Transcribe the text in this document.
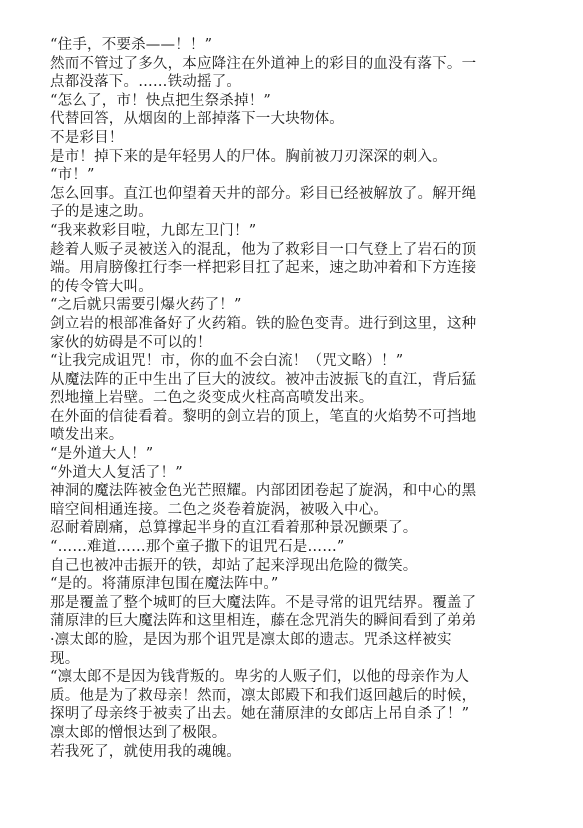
“住手，不要杀——！！”

然而不管过了多久，本应降注在外道神上的彩目的血没有落下。一

点都没落下。……铁动摇了。

“怎么了，市！快点把生祭杀掉！”

代替回答，从烟囱的上部掉落下一大块物体。

不是彩目！

是市！掉下来的是年轻男人的尸体。胸前被刀刃深深的刺入。

“市！”

怎么回事。直江也仰望着天井的部分。彩目已经被解放了。解开绳

子的是速之助。

“我来救彩目啦，九郎左卫门！”

趁着人贩子灵被送入的混乱，他为了救彩目一口气登上了岩石的顶

端。用肩膀像扛行李一样把彩目扛了起来，速之助冲着和下方连接

的传令管大叫。

“之后就只需要引爆火药了！”

剑立岩的根部准备好了火药箱。铁的脸色变青。进行到这里，这种

家伙的妨碍是不可以的！

“让我完成诅咒！市，你的血不会白流！（咒文略）！”

从魔法阵的正中生出了巨大的波纹。被冲击波振飞的直江，背后猛

烈地撞上岩壁。二色之炎变成火柱高高喷发出来。

在外面的信徒看着。黎明的剑立岩的顶上，笔直的火焰势不可挡地

喷发出来。

“是外道大人！”

“外道大人复活了！”

神洞的魔法阵被金色光芒照耀。内部团团卷起了旋涡，和中心的黑

暗空间相通连接。二色之炎卷着旋涡，被吸入中心。

忍耐着剧痛，总算撑起半身的直江看着那种景况颤栗了。

“……难道……那个童子撒下的诅咒石是……”

自己也被冲击振开的铁，却站了起来浮现出危险的微笑。

“是的。将蒲原津包围在魔法阵中。”

那是覆盖了整个城町的巨大魔法阵。不是寻常的诅咒结界。覆盖了

蒲原津的巨大魔法阵和这里相连，藤在念咒消失的瞬间看到了弟弟

·凛太郎的脸，是因为那个诅咒是凛太郎的遗志。咒杀这样被实

现。

“凛太郎不是因为钱背叛的。卑劣的人贩子们，以他的母亲作为人

质。他是为了救母亲！然而，凛太郎殿下和我们返回越后的时候，

探明了母亲终于被卖了出去。她在蒲原津的女郎店上吊自杀了！”

凛太郎的憎恨达到了极限。

若我死了，就使用我的魂魄。
